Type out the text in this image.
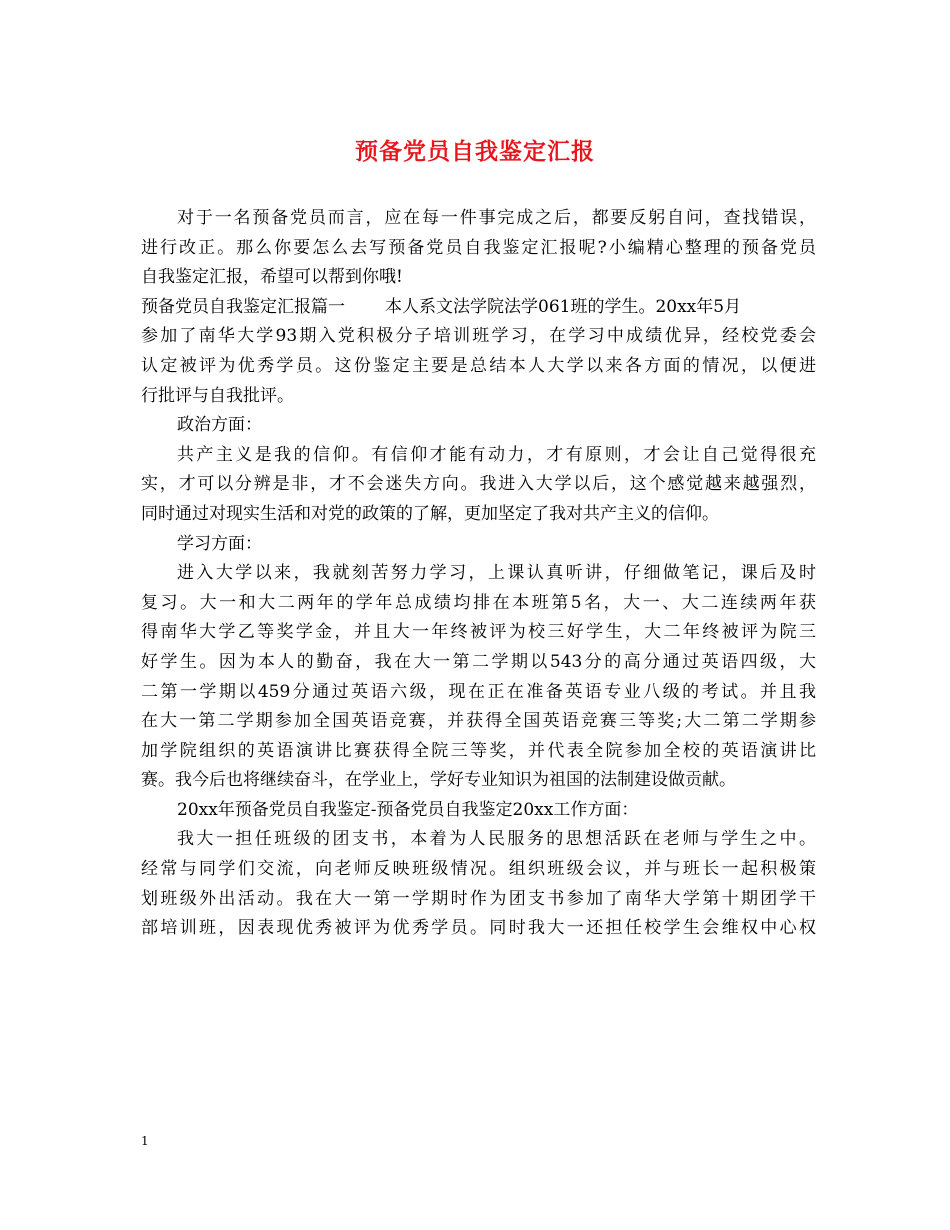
预备党员自我鉴定汇报
对于一名预备党员而言，应在每一件事完成之后，都要反躬自问，查找错误，
进行改正。那么你要怎么去写预备党员自我鉴定汇报呢?小编精心整理的预备党员
自我鉴定汇报，希望可以帮到你哦!
预备党员自我鉴定汇报篇一 本人系文法学院法学061班的学生。20xx年5月
参加了南华大学93期入党积极分子培训班学习，在学习中成绩优异，经校党委会
认定被评为优秀学员。这份鉴定主要是总结本人大学以来各方面的情况，以便进
行批评与自我批评。
政治方面：
共产主义是我的信仰。有信仰才能有动力，才有原则，才会让自己觉得很充
实，才可以分辨是非，才不会迷失方向。我进入大学以后，这个感觉越来越强烈，
同时通过对现实生活和对党的政策的了解，更加坚定了我对共产主义的信仰。
学习方面：
进入大学以来，我就刻苦努力学习，上课认真听讲，仔细做笔记，课后及时
复习。大一和大二两年的学年总成绩均排在本班第5名，大一、大二连续两年获
得南华大学乙等奖学金，并且大一年终被评为校三好学生，大二年终被评为院三
好学生。因为本人的勤奋，我在大一第二学期以543分的高分通过英语四级，大
二第一学期以459分通过英语六级，现在正在准备英语专业八级的考试。并且我
在大一第二学期参加全国英语竞赛，并获得全国英语竞赛三等奖;大二第二学期参
加学院组织的英语演讲比赛获得全院三等奖，并代表全院参加全校的英语演讲比
赛。我今后也将继续奋斗，在学业上，学好专业知识为祖国的法制建设做贡献。
20xx年预备党员自我鉴定-预备党员自我鉴定20xx工作方面：
我大一担任班级的团支书，本着为人民服务的思想活跃在老师与学生之中。
经常与同学们交流，向老师反映班级情况。组织班级会议，并与班长一起积极策
划班级外出活动。我在大一第一学期时作为团支书参加了南华大学第十期团学干
部培训班，因表现优秀被评为优秀学员。同时我大一还担任校学生会维权中心权
1
